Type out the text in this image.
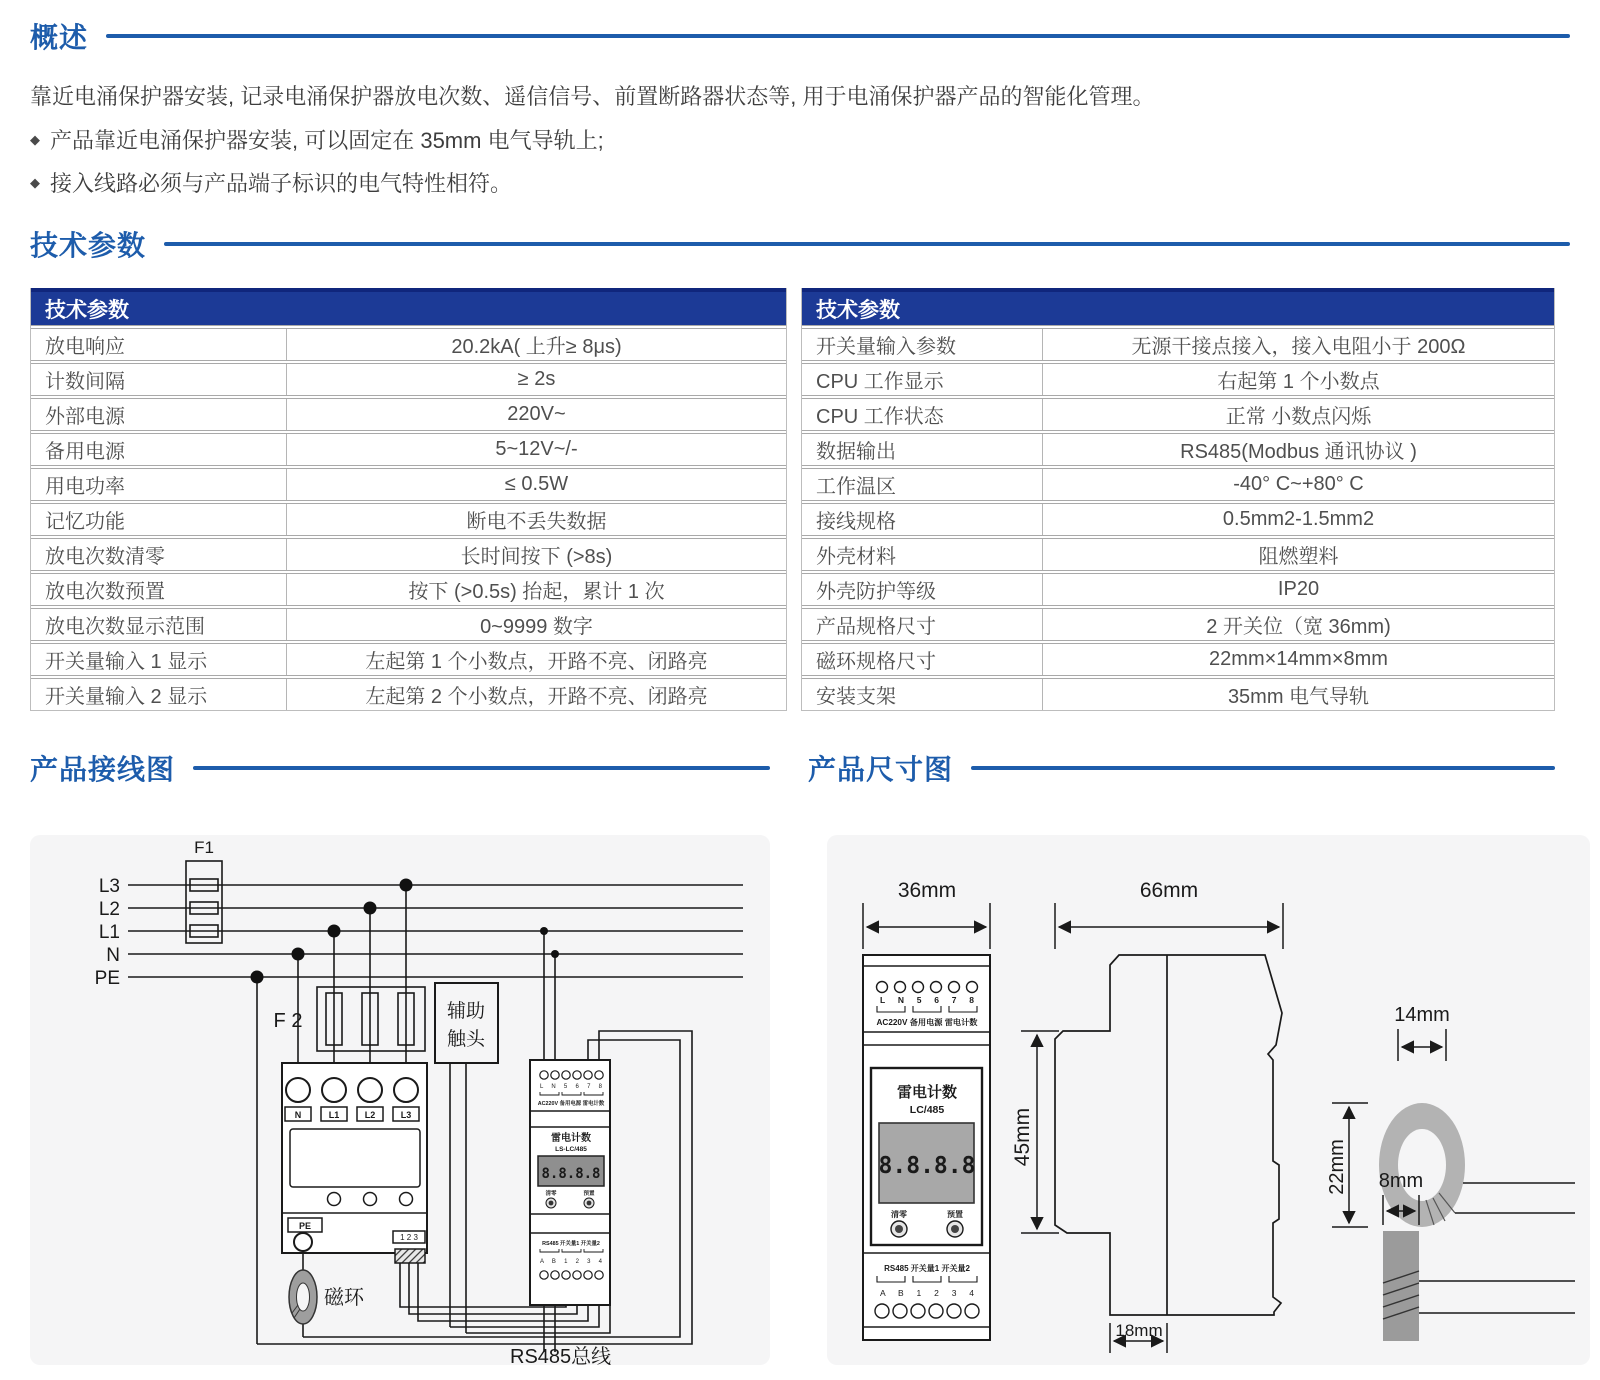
概述
靠近电涌保护器安装, 记录电涌保护器放电次数、遥信信号、前置断路器状态等, 用于电涌保护器产品的智能化管理。
◆ 产品靠近电涌保护器安装, 可以固定在 35mm 电气导轨上;
◆ 接入线路必须与产品端子标识的电气特性相符。
技术参数
技术参数
放电响应	20.2kA( 上升≥ 8μs)
计数间隔	≥ 2s
外部电源	220V~
备用电源	5~12V~/-
用电功率	≤ 0.5W
记忆功能	断电不丢失数据
放电次数清零	长时间按下 (>8s)
放电次数预置	按下 (>0.5s) 抬起，累计 1 次
放电次数显示范围	0~9999 数字
开关量输入 1 显示	左起第 1 个小数点，开路不亮、闭路亮
开关量输入 2 显示	左起第 2 个小数点，开路不亮、闭路亮
技术参数
开关量输入参数	无源干接点接入，接入电阻小于 200Ω
CPU 工作显示	右起第 1 个小数点
CPU 工作状态	正常 小数点闪烁
数据输出	RS485(Modbus 通讯协议 )
工作温区	-40° C~+80° C
接线规格	0.5mm2-1.5mm2
外壳材料	阻燃塑料
外壳防护等级	IP20
产品规格尺寸	2 开关位（宽 36mm)
磁环规格尺寸	22mm×14mm×8mm
安装支架	35mm 电气导轨
产品接线图	产品尺寸图
L3
L2
L1
N
PE
F1
F 2	辅助
触头
N	L1	L2	L3
PE
1 2 3
L N 5 6 7 8
AC220V 备用电源 雷电计数
雷电计数
LS-LC/485
8.8.8.8
清零	预置
RS485 开关量1 开关量2
A B 1 2 3 4
磁环
RS485总线
36mm	66mm
45mm
18mm
14mm
22mm 8mm
L N 5 6 7 8
AC220V 备用电源 雷电计数
雷电计数
LC/485
8.8.8.8
清零	预置
RS485 开关量1 开关量2
A B 1 2 3 4
